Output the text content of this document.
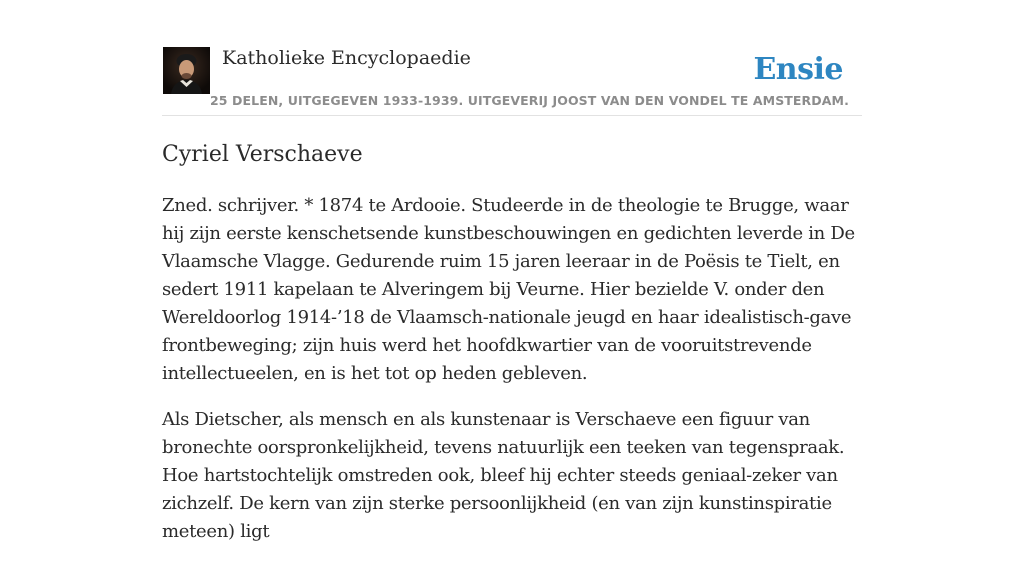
Katholieke Encyclopaedie	Ensie
25 DELEN, UITGEGEVEN 1933-1939. UITGEVERIJ JOOST VAN DEN VONDEL TE AMSTERDAM.
Cyriel Verschaeve

Zned. schrijver. * 1874 te Ardooie. Studeerde in de theologie te Brugge, waar hij zijn eerste kenschetsende kunstbeschouwingen en gedichten leverde in De Vlaamsche Vlagge. Gedurende ruim 15 jaren leeraar in de Poësis te Tielt, en sedert 1911 kapelaan te Alveringem bij Veurne. Hier bezielde V. onder den Wereldoorlog 1914-’18 de Vlaamsch-nationale jeugd en haar idealistisch-gave frontbeweging; zijn huis werd het hoofdkwartier van de vooruitstrevende intellectueelen, en is het tot op heden gebleven.

Als Dietscher, als mensch en als kunstenaar is Verschaeve een figuur van bronechte oorspronkelijkheid, tevens natuurlijk een teeken van tegenspraak. Hoe hartstochtelijk omstreden ook, bleef hij echter steeds geniaal-zeker van zichzelf. De kern van zijn sterke persoonlijkheid (en van zijn kunstinspiratie meteen) ligt
